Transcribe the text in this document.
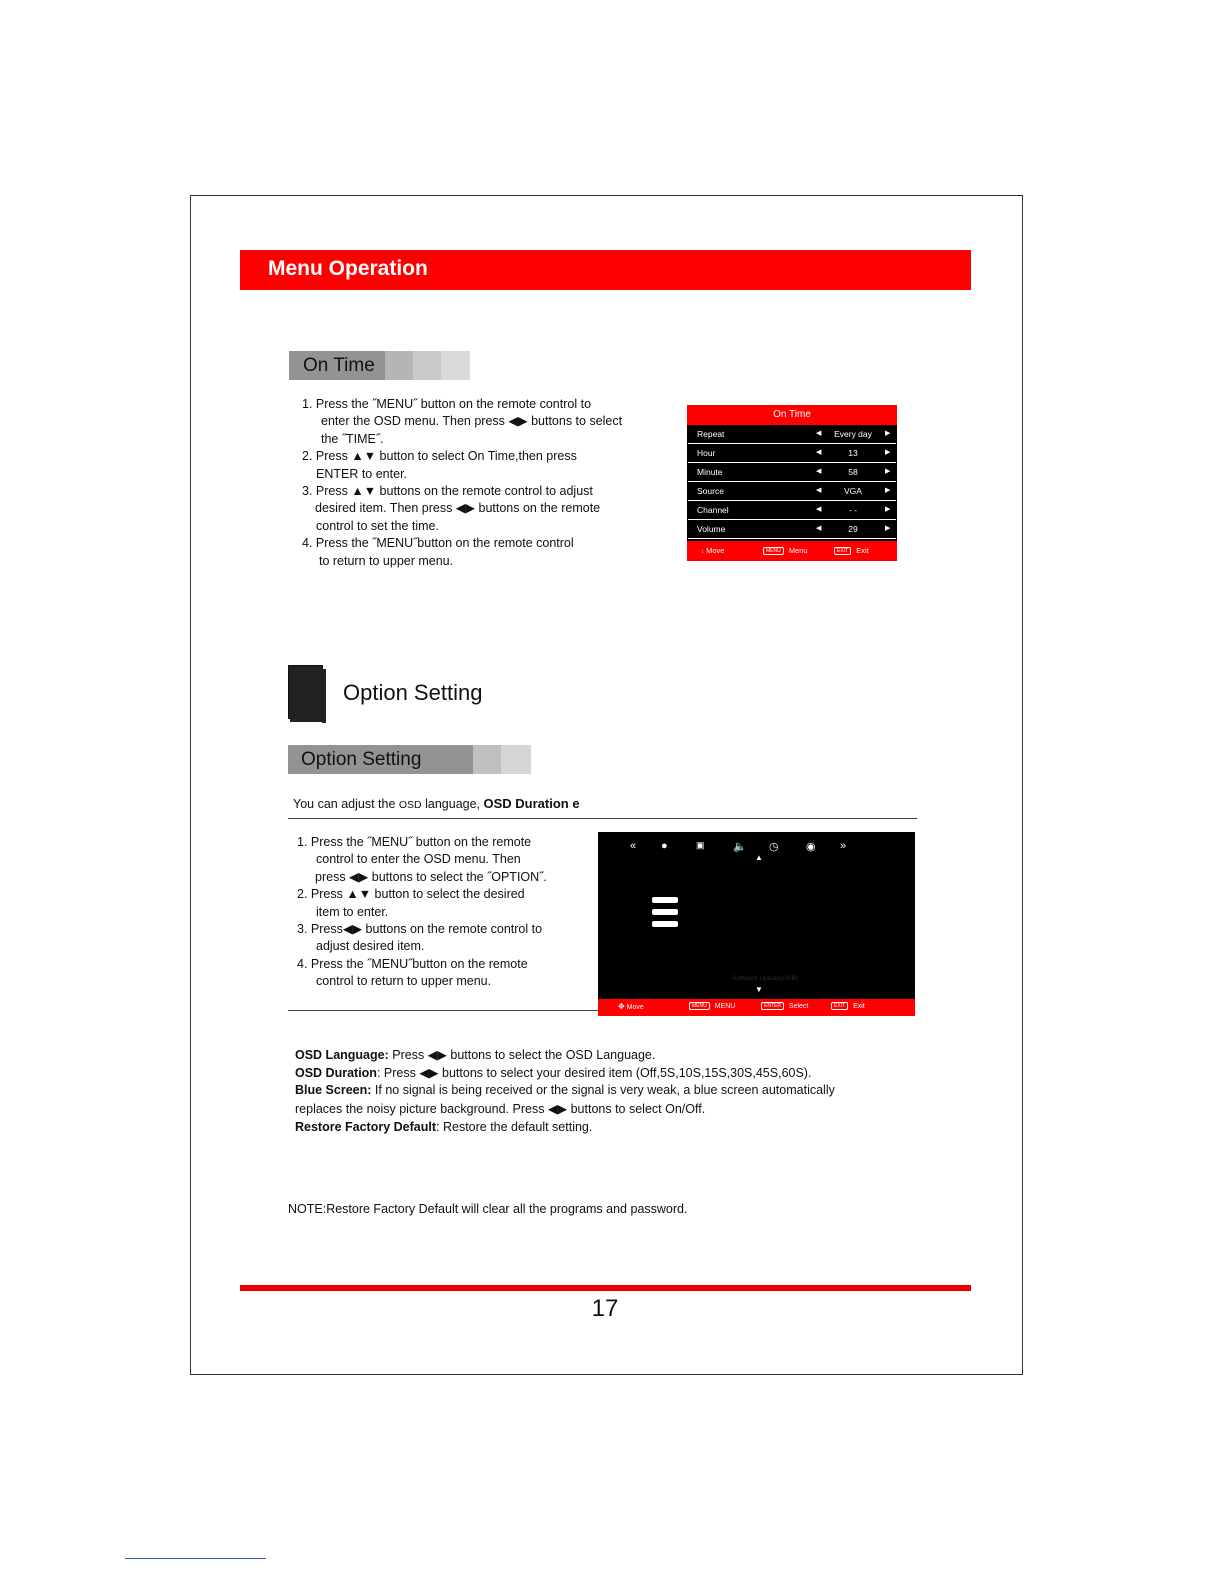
Menu Operation
On Time
1. Press the ˝MENU˝ button on the remote control to
enter the OSD menu. Then press ◀▶ buttons to select
the ˝TIME˝.
2. Press ▲▼ button to select On Time,then press
ENTER to enter.
3. Press ▲▼ buttons on the remote control to adjust
desired item. Then press ◀▶ buttons on the remote
control to set the time.
4. Press the ˝MENU˝button on the remote control
to return to upper menu.
On Time
Repeat	◀	Every day	▶
Hour	◀	13	▶
Minute	◀	58	▶
Source	◀	VGA	▶
Channel	◀	- -	▶
Volume	◀	29	▶
↕ Move	MENU Menu	EXIT Exit
Option Setting
Option Setting
You can adjust the OSD language, OSD Duration e
1. Press the ˝MENU˝ button on the remote
control to enter the OSD menu. Then
press ◀▶ buttons to select the ˝OPTION˝.
2. Press ▲▼ button to select the desired
item to enter.
3. Press◀▶ buttons on the remote control to
adjust desired item.
4. Press the ˝MENU˝button on the remote
control to return to upper menu.
« ●	▣	🔈 ◷ ◉ »
▲
Software Update(USB)
▼
✥ Move	MENU MENU	ENTER Select	EXIT Exit
OSD Language: Press ◀▶ buttons to select the OSD Language.
OSD Duration: Press ◀▶ buttons to select your desired item (Off,5S,10S,15S,30S,45S,60S).
Blue Screen: If no signal is being received or the signal is very weak, a blue screen automatically
replaces the noisy picture background. Press ◀▶ buttons to select On/Off.
Restore Factory Default: Restore the default setting.
NOTE:Restore Factory Default will clear all the programs and password.
17
